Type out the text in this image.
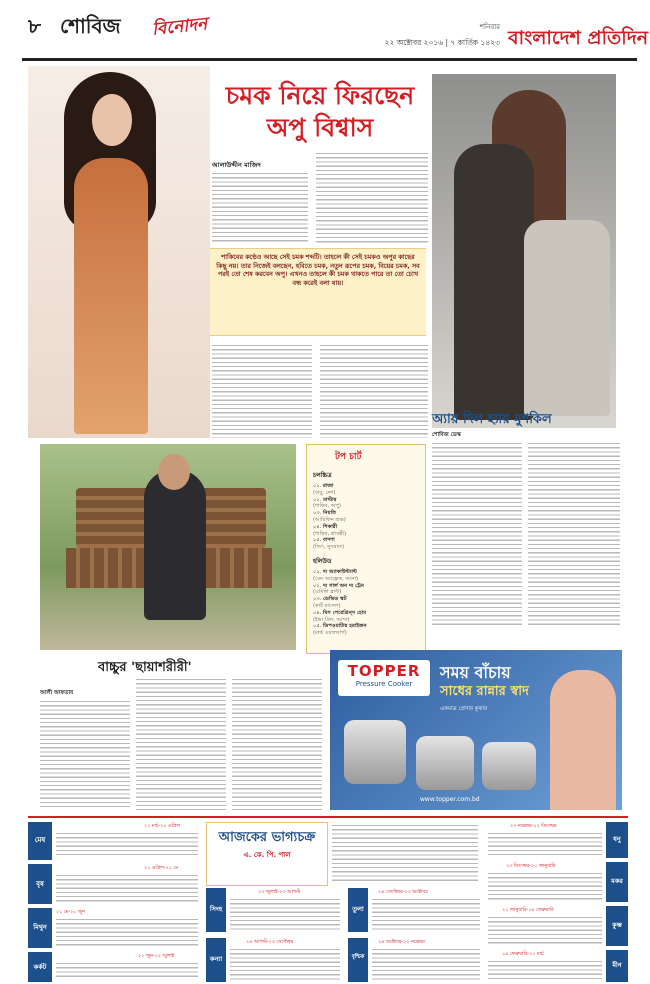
৮ শোবিজ বিনোদন	শনিবার
২২ অক্টোবর ২০১৬ | ৭ কার্তিক ১৪২৩ বাংলাদেশ প্রতিদিন
চমক নিয়ে ফিরছেন
অপু বিশ্বাস
আলাউদ্দীন মাজিদ
শাকিবের কণ্ঠেও আছে সেই চমক শব্দটি। তাহলে কী সেই চমকও অপুর কাছের কিছু নয়। তার নিজেই বলছেন, হবিতে চমক, নতুন রূপের চমক, বিয়ের চমক, সব পরই তো শেষ করবেন অপু। এখনও তাহলে কী চমক থাকতে পারে তা তো চোখ বন্ধ করেই বলা যায়।
অ্যায় দিল হ্যায় মুশকিল
শোবিজ ডেস্ক
টপ চার্ট
চলচ্চিত্র
০১. রাজা
(বাবু, দেশ)
০২. মাস্টার
(শাকিব, অপু)
০৩. নিয়তি
(আরিফিন শুভ)
০৪. শিকারী
(শাকিব, শ্রাবন্তী)
০৫. বাদশা
(জিৎ, নুসরাত)
হলিউড
০১. দ্য অ্যাকাউন্ট্যান্ট
(বেন অ্যাফ্লেক, আনা)
০২. দ্য গার্ল অন দ্য ট্রেন
(এমিলি ব্লান্ট)
০৩. ডেভিড স্কট
(কার্ট রাসেল)
০৪. মিস পেরেগ্রিন্‌স হোম
(ইভা গ্রিন, আসা)
০৫. ডিপওয়াটার হরাইজন
(মার্ক ওয়ালবার্গ)
বাচ্চুর 'ছায়াশরীরী'
আলী আফতাব
TOPPER
Pressure Cooker
সময় বাঁচায়
সাধের রান্নার স্বাদ
একমাত্র প্রেসার কুকার
www.topper.com.bd
আজকের ভাগ্যচক্র
এ. কে. পি. পাল
মেষ
২১ মার্চ-২০ এপ্রিল
বৃষ
২১ এপ্রিল-২০ মে
মিথুন
২১ মে-২০ জুন
কর্কট
২১ জুন-২২ জুলাই
সিংহ
২৩ জুলাই-২৩ আগস্ট
কন্যা
২৪ আগস্ট-২৩ সেপ্টেম্বর
তুলা
২৪ সেপ্টেম্বর-২৩ অক্টোবর
বৃশ্চিক
২৪ অক্টোবর-২২ নভেম্বর
ধনু
২৩ নভেম্বর-২২ ডিসেম্বর
মকর
২৩ ডিসেম্বর-২০ জানুয়ারি
কুম্ভ
২১ জানুয়ারি-১৮ ফেব্রুয়ারি
মীন
১৯ ফেব্রুয়ারি-২০ মার্চ
